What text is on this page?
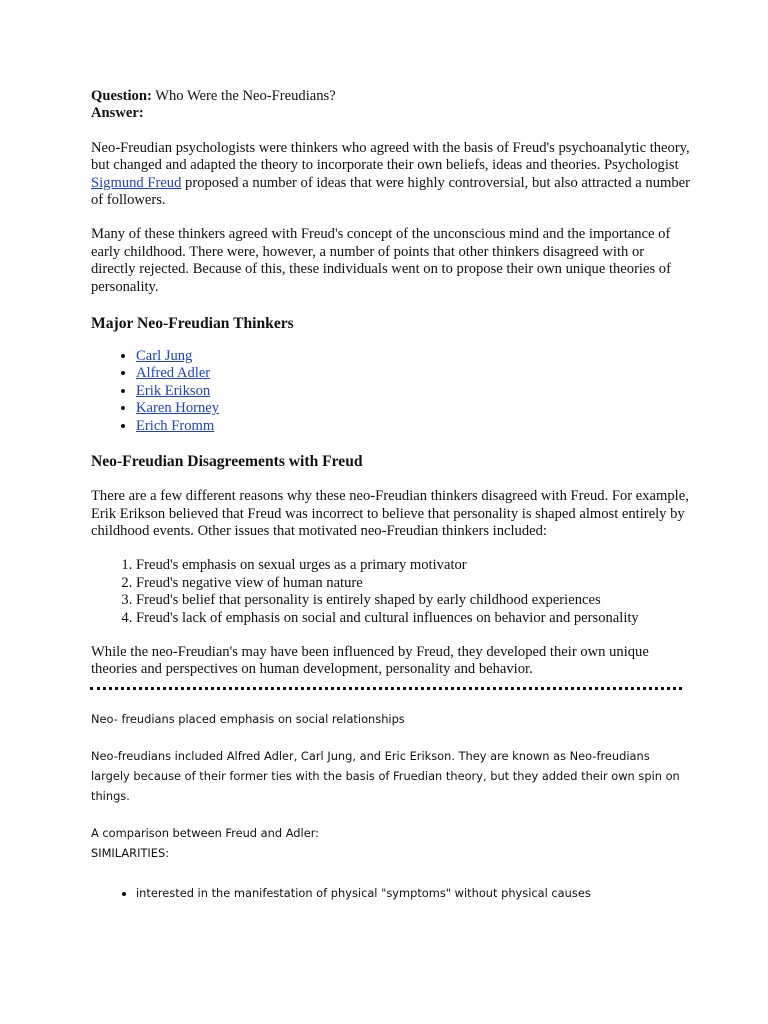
Question: Who Were the Neo-Freudians?

Answer:

Neo-Freudian psychologists were thinkers who agreed with the basis of Freud's psychoanalytic theory, but changed and adapted the theory to incorporate their own beliefs, ideas and theories. Psychologist Sigmund Freud proposed a number of ideas that were highly controversial, but also attracted a number of followers.

Many of these thinkers agreed with Freud's concept of the unconscious mind and the importance of early childhood. There were, however, a number of points that other thinkers disagreed with or directly rejected. Because of this, these individuals went on to propose their own unique theories of personality.

Major Neo-Freudian Thinkers
• Carl Jung
• Alfred Adler
• Erik Erikson
• Karen Horney
• Erich Fromm
Neo-Freudian Disagreements with Freud

There are a few different reasons why these neo-Freudian thinkers disagreed with Freud. For example, Erik Erikson believed that Freud was incorrect to believe that personality is shaped almost entirely by childhood events. Other issues that motivated neo-Freudian thinkers included:

1. Freud's emphasis on sexual urges as a primary motivator
2. Freud's negative view of human nature
3. Freud's belief that personality is entirely shaped by early childhood experiences
4. Freud's lack of emphasis on social and cultural influences on behavior and personality

While the neo-Freudian's may have been influenced by Freud, they developed their own unique theories and perspectives on human development, personality and behavior.

Neo- freudians placed emphasis on social relationships

Neo-freudians included Alfred Adler, Carl Jung, and Eric Erikson. They are known as Neo-freudians largely because of their former ties with the basis of Fruedian theory, but they added their own spin on things.

A comparison between Freud and Adler:

SIMILARITIES:

• interested in the manifestation of physical "symptoms" without physical causes
